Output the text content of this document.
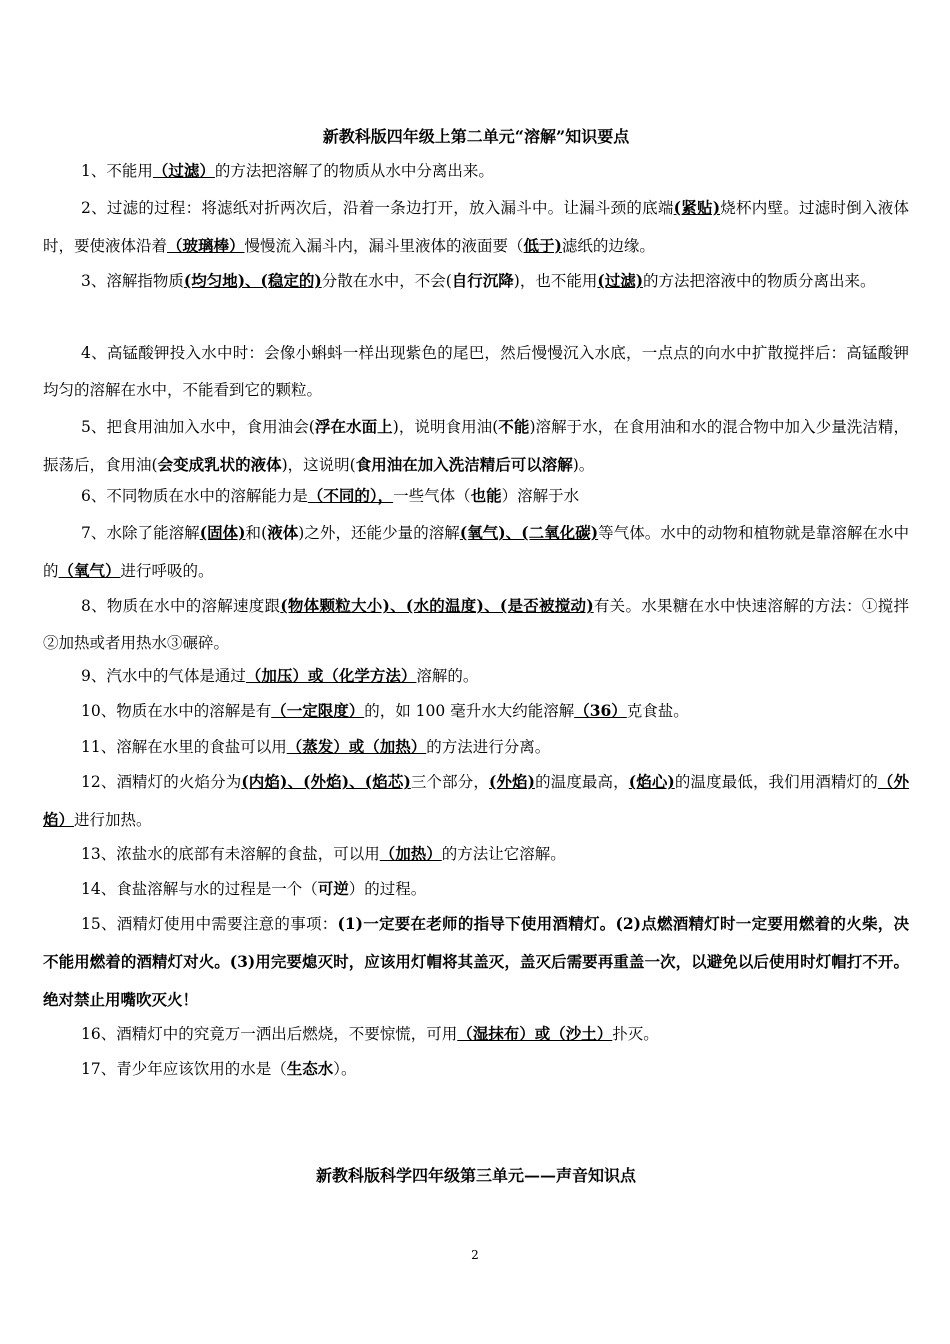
新教科版四年级上第二单元“溶解”知识要点
1、不能用（过滤）的方法把溶解了的物质从水中分离出来。
2、过滤的过程：将滤纸对折两次后，沿着一条边打开，放入漏斗中。让漏斗颈的底端(紧贴)烧杯内壁。过滤时倒入液体时，要使液体沿着（玻璃棒）慢慢流入漏斗内，漏斗里液体的液面要（低于)滤纸的边缘。
3、溶解指物质(均匀地)、(稳定的)分散在水中，不会(自行沉降)，也不能用(过滤)的方法把溶液中的物质分离出来。
4、高锰酸钾投入水中时：会像小蝌蚪一样出现紫色的尾巴，然后慢慢沉入水底，一点点的向水中扩散搅拌后：高锰酸钾均匀的溶解在水中，不能看到它的颗粒。
5、把食用油加入水中，食用油会(浮在水面上)，说明食用油(不能)溶解于水，在食用油和水的混合物中加入少量洗洁精，振荡后，食用油(会变成乳状的液体)，这说明(食用油在加入洗洁精后可以溶解)。
6、不同物质在水中的溶解能力是（不同的），一些气体（也能）溶解于水
7、水除了能溶解(固体)和(液体)之外，还能少量的溶解(氧气)、(二氧化碳)等气体。水中的动物和植物就是靠溶解在水中的（氧气）进行呼吸的。
8、物质在水中的溶解速度跟(物体颗粒大小)、(水的温度)、(是否被搅动)有关。水果糖在水中快速溶解的方法：①搅拌②加热或者用热水③碾碎。
9、汽水中的气体是通过（加压）或（化学方法）溶解的。
10、物质在水中的溶解是有（一定限度）的，如 100 毫升水大约能溶解（36）克食盐。
11、溶解在水里的食盐可以用（蒸发）或（加热）的方法进行分离。
12、酒精灯的火焰分为(内焰)、(外焰)、(焰芯)三个部分，(外焰)的温度最高，(焰心)的温度最低，我们用酒精灯的（外焰）进行加热。
13、浓盐水的底部有未溶解的食盐，可以用（加热）的方法让它溶解。
14、食盐溶解与水的过程是一个（可逆）的过程。
15、酒精灯使用中需要注意的事项：(1)一定要在老师的指导下使用酒精灯。(2)点燃酒精灯时一定要用燃着的火柴，决不能用燃着的酒精灯对火。(3)用完要熄灭时，应该用灯帽将其盖灭，盖灭后需要再重盖一次，以避免以后使用时灯帽打不开。绝对禁止用嘴吹灭火！
16、酒精灯中的究竟万一洒出后燃烧，不要惊慌，可用（湿抹布）或（沙土）扑灭。
17、青少年应该饮用的水是（生态水）。
新教科版科学四年级第三单元——声音知识点
2
